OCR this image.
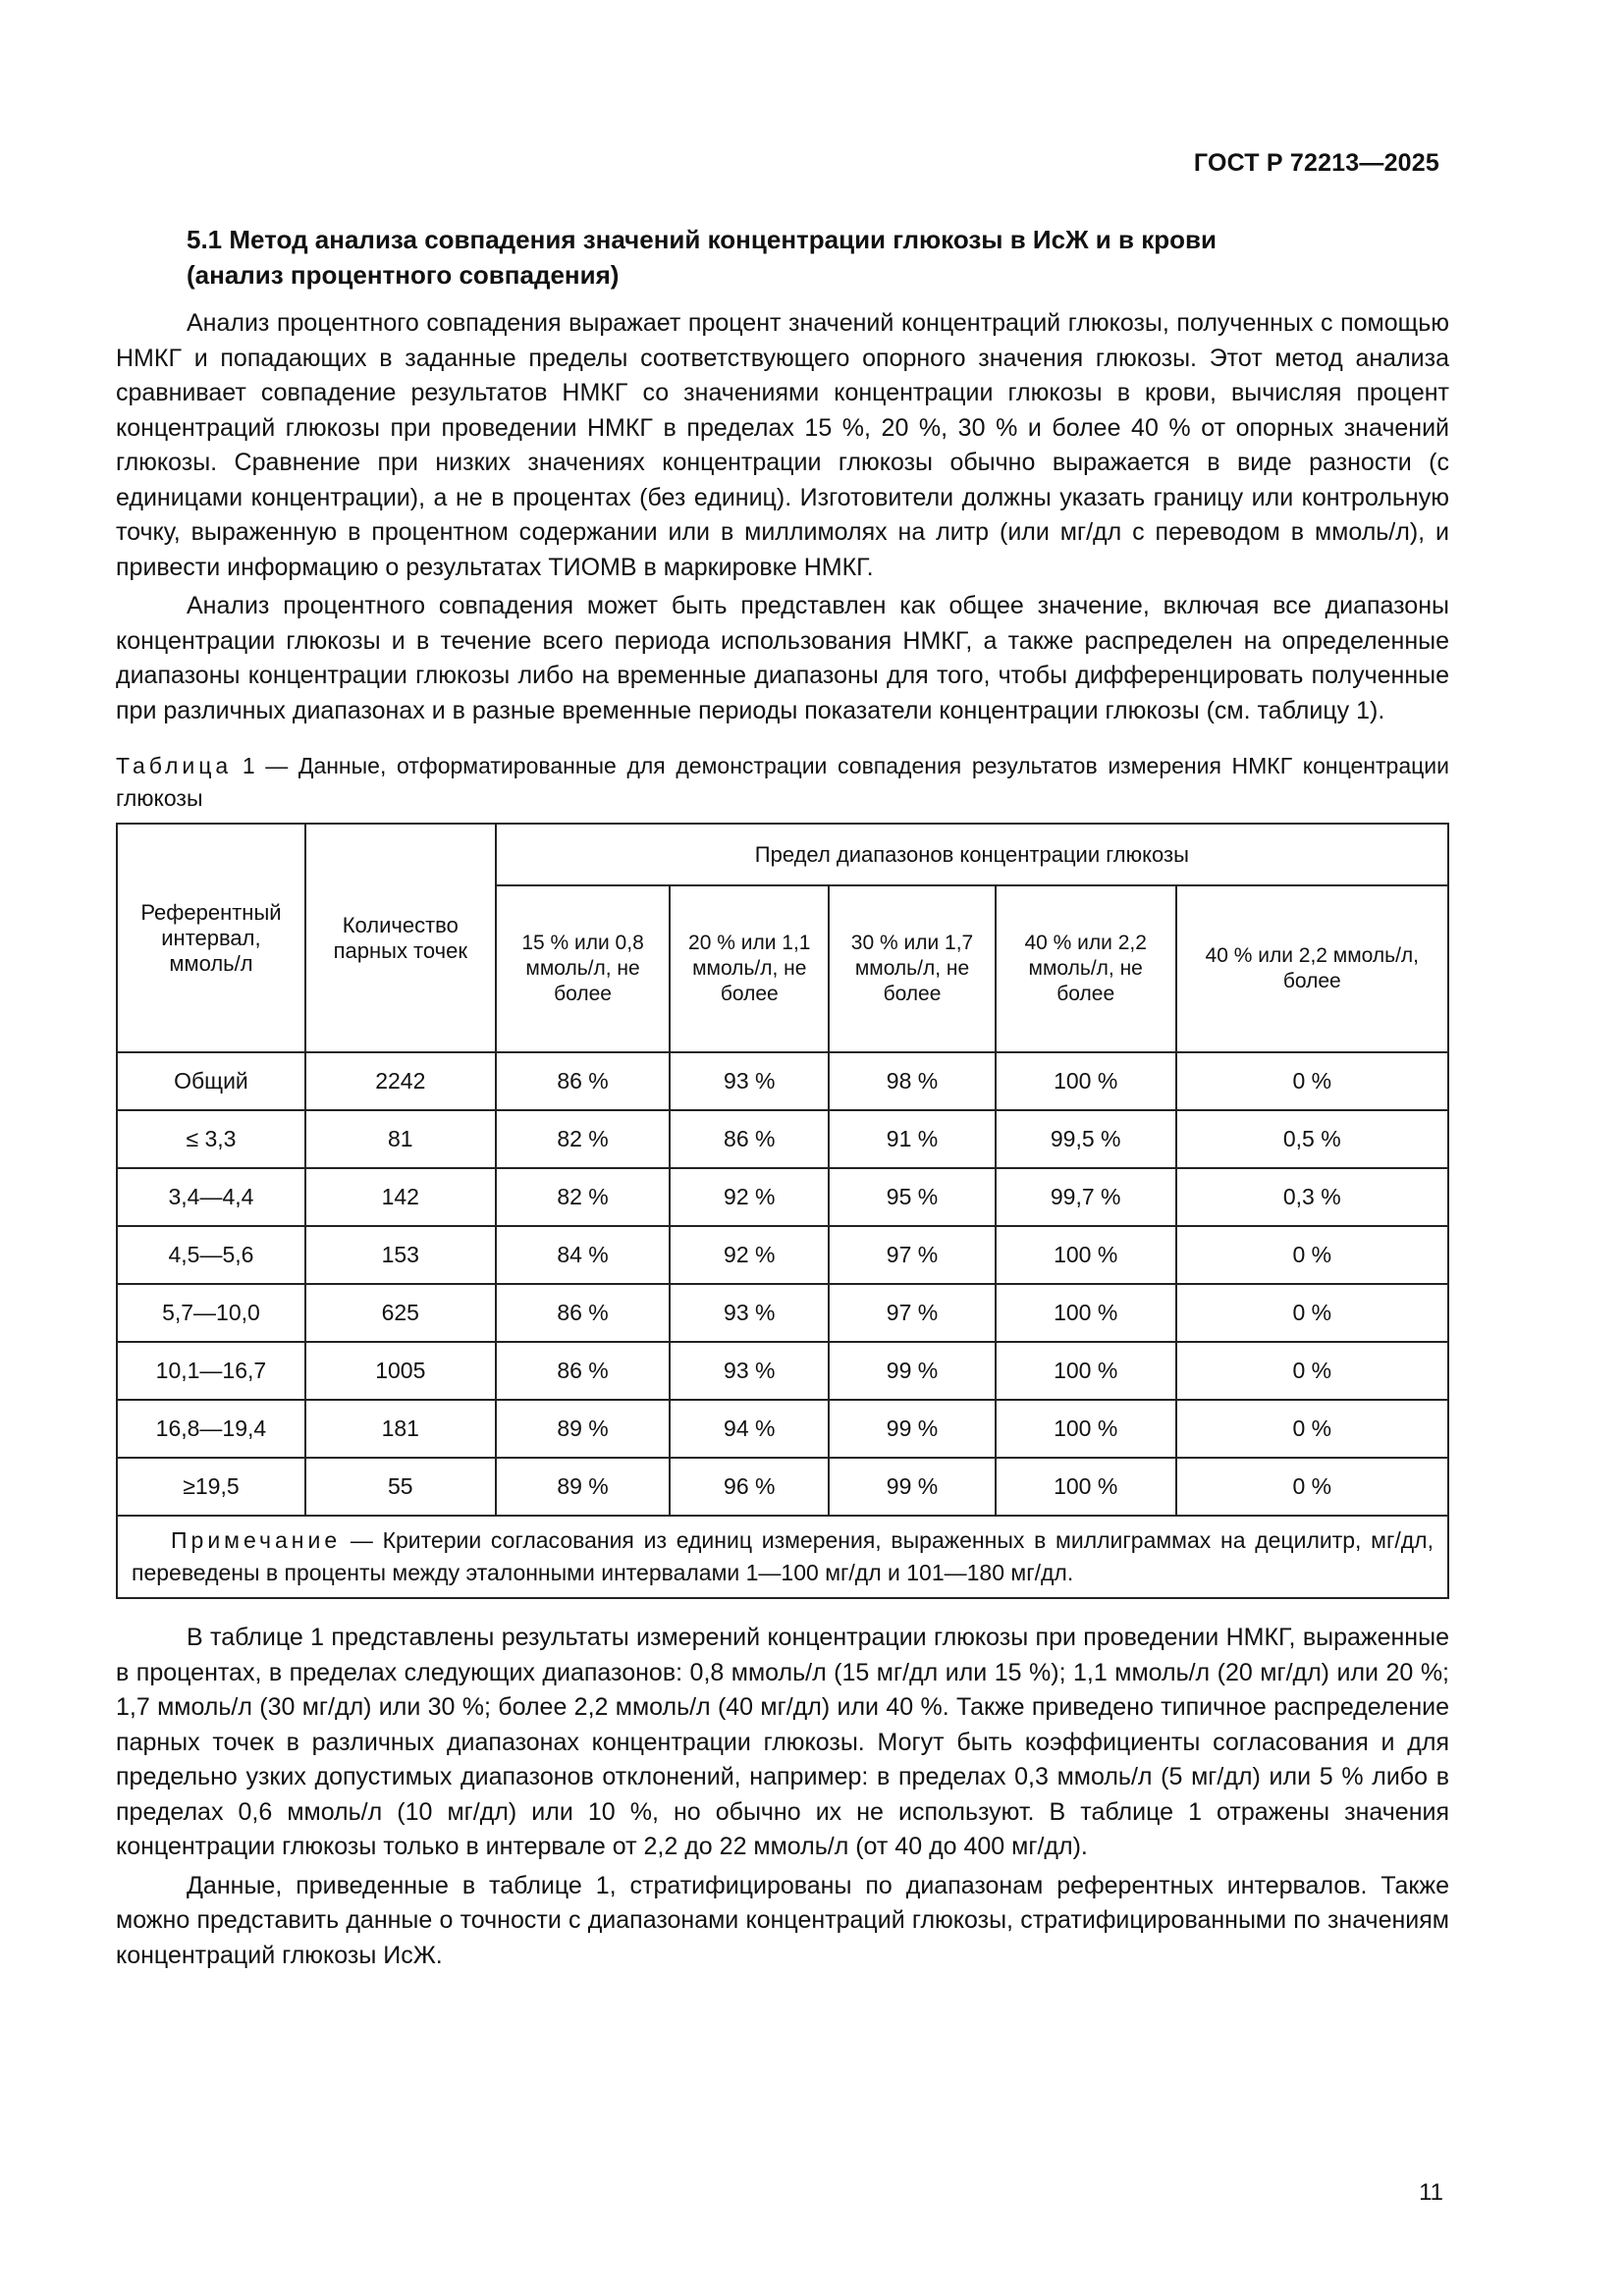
ГОСТ Р 72213—2025
5.1 Метод анализа совпадения значений концентрации глюкозы в ИсЖ и в крови
(анализ процентного совпадения)

Анализ процентного совпадения выражает процент значений концентраций глюкозы, полученных с помощью НМКГ и попадающих в заданные пределы соответствующего опорного значения глюкозы. Этот метод анализа сравнивает совпадение результатов НМКГ со значениями концентрации глюкозы в крови, вычисляя процент концентраций глюкозы при проведении НМКГ в пределах 15 %, 20 %, 30 % и более 40 % от опорных значений глюкозы. Сравнение при низких значениях концентрации глюкозы обычно выражается в виде разности (с единицами концентрации), а не в процентах (без единиц). Изготовители должны указать границу или контрольную точку, выраженную в процентном содержании или в миллимолях на литр (или мг/дл с переводом в ммоль/л), и привести информацию о результатах ТИОМВ в маркировке НМКГ.

Анализ процентного совпадения может быть представлен как общее значение, включая все диапазоны концентрации глюкозы и в течение всего периода использования НМКГ, а также распределен на определенные диапазоны концентрации глюкозы либо на временные диапазоны для того, чтобы дифференцировать полученные при различных диапазонах и в разные временные периоды показатели концентрации глюкозы (см. таблицу 1).

Таблица 1 — Данные, отформатированные для демонстрации совпадения результатов измерения НМКГ концентрации глюкозы
Референтный интервал, ммоль/л	Количество парных точек	Предел диапазонов концентрации глюкозы				
		15 % или 0,8 ммоль/л, не более	20 % или 1,1 ммоль/л, не более	30 % или 1,7 ммоль/л, не более	40 % или 2,2 ммоль/л, не более	40 % или 2,2 ммоль/л, более
Общий	2242	86 %	93 %	98 %	100 %	0 %
≤ 3,3	81	82 %	86 %	91 %	99,5 %	0,5 %
3,4—4,4	142	82 %	92 %	95 %	99,7 %	0,3 %
4,5—5,6	153	84 %	92 %	97 %	100 %	0 %
5,7—10,0	625	86 %	93 %	97 %	100 %	0 %
10,1—16,7	1005	86 %	93 %	99 %	100 %	0 %
16,8—19,4	181	89 %	94 %	99 %	100 %	0 %
≥19,5	55	89 %	96 %	99 %	100 %	0 %
Примечание — Критерии согласования из единиц измерения, выраженных в миллиграммах на децилитр, мг/дл, переведены в проценты между эталонными интервалами 1—100 мг/дл и 101—180 мг/дл.						

В таблице 1 представлены результаты измерений концентрации глюкозы при проведении НМКГ, выраженные в процентах, в пределах следующих диапазонов: 0,8 ммоль/л (15 мг/дл или 15 %); 1,1 ммоль/л (20 мг/дл) или 20 %; 1,7 ммоль/л (30 мг/дл) или 30 %; более 2,2 ммоль/л (40 мг/дл) или 40 %. Также приведено типичное распределение парных точек в различных диапазонах концентрации глюкозы. Могут быть коэффициенты согласования и для предельно узких допустимых диапазонов отклонений, например: в пределах 0,3 ммоль/л (5 мг/дл) или 5 % либо в пределах 0,6 ммоль/л (10 мг/дл) или 10 %, но обычно их не используют. В таблице 1 отражены значения концентрации глюкозы только в интервале от 2,2 до 22 ммоль/л (от 40 до 400 мг/дл).

Данные, приведенные в таблице 1, стратифицированы по диапазонам референтных интервалов. Также можно представить данные о точности с диапазонами концентраций глюкозы, стратифицированными по значениям концентраций глюкозы ИсЖ.

11
